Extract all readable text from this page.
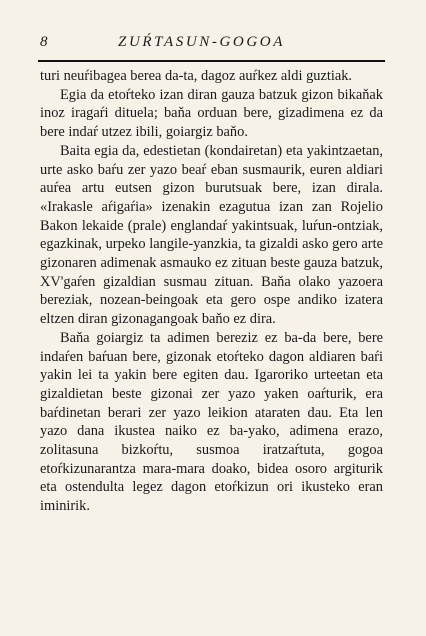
8	ZUŔTASUN-GOGOA

turi neuŕibagea berea da-ta, dagoz auŕkez aldi guztiak.

Egia da etoŕteko izan diran gauza batzuk gizon bikaňak inoz iragaŕi dituela; baňa orduan bere, gizadimena ez da bere indaŕ utzez ibili, goiargiz baňo.

Baita egia da, edestietan (kondairetan) eta yakintzaetan, urte asko baŕu zer yazo beaŕ eban susmaurik, euren aldiari auŕea artu eutsen gizon burutsuak bere, izan dirala. «Irakasle aŕigaŕia» izenakin ezagutua izan zan Rojelio Bakon lekaide (prale) englandaŕ yakintsuak, luŕun-ontziak, egazkinak, urpeko langile-yanzkia, ta gizaldi asko gero arte gizonaren adimenak asmauko ez zituan beste gauza batzuk, XV'gaŕen gizaldian susmau zituan. Baňa olako yazoera bereziak, nozean-beingoak eta gero ospe andiko izatera eltzen diran gizonagangoak baňo ez dira.

Baňa goiargiz ta adimen bereziz ez ba-da bere, bere indaŕen baŕuan bere, gizonak etoŕteko dagon aldiaren baŕi yakin lei ta yakin bere egiten dau. Igaroriko urteetan eta gizaldietan beste gizonai zer yazo yaken oaŕturik, era baŕdinetan berari zer yazo leikion ataraten dau. Eta len yazo dana ikustea naiko ez ba-yako, adimena erazo, zolitasuna bizkoŕtu, susmoa iratzaŕtuta, gogoa etoŕkizunarantza mara-mara doako, bidea osoro argiturik eta ostendulta legez dagon etoŕkizun ori ikusteko eran iminirik.
